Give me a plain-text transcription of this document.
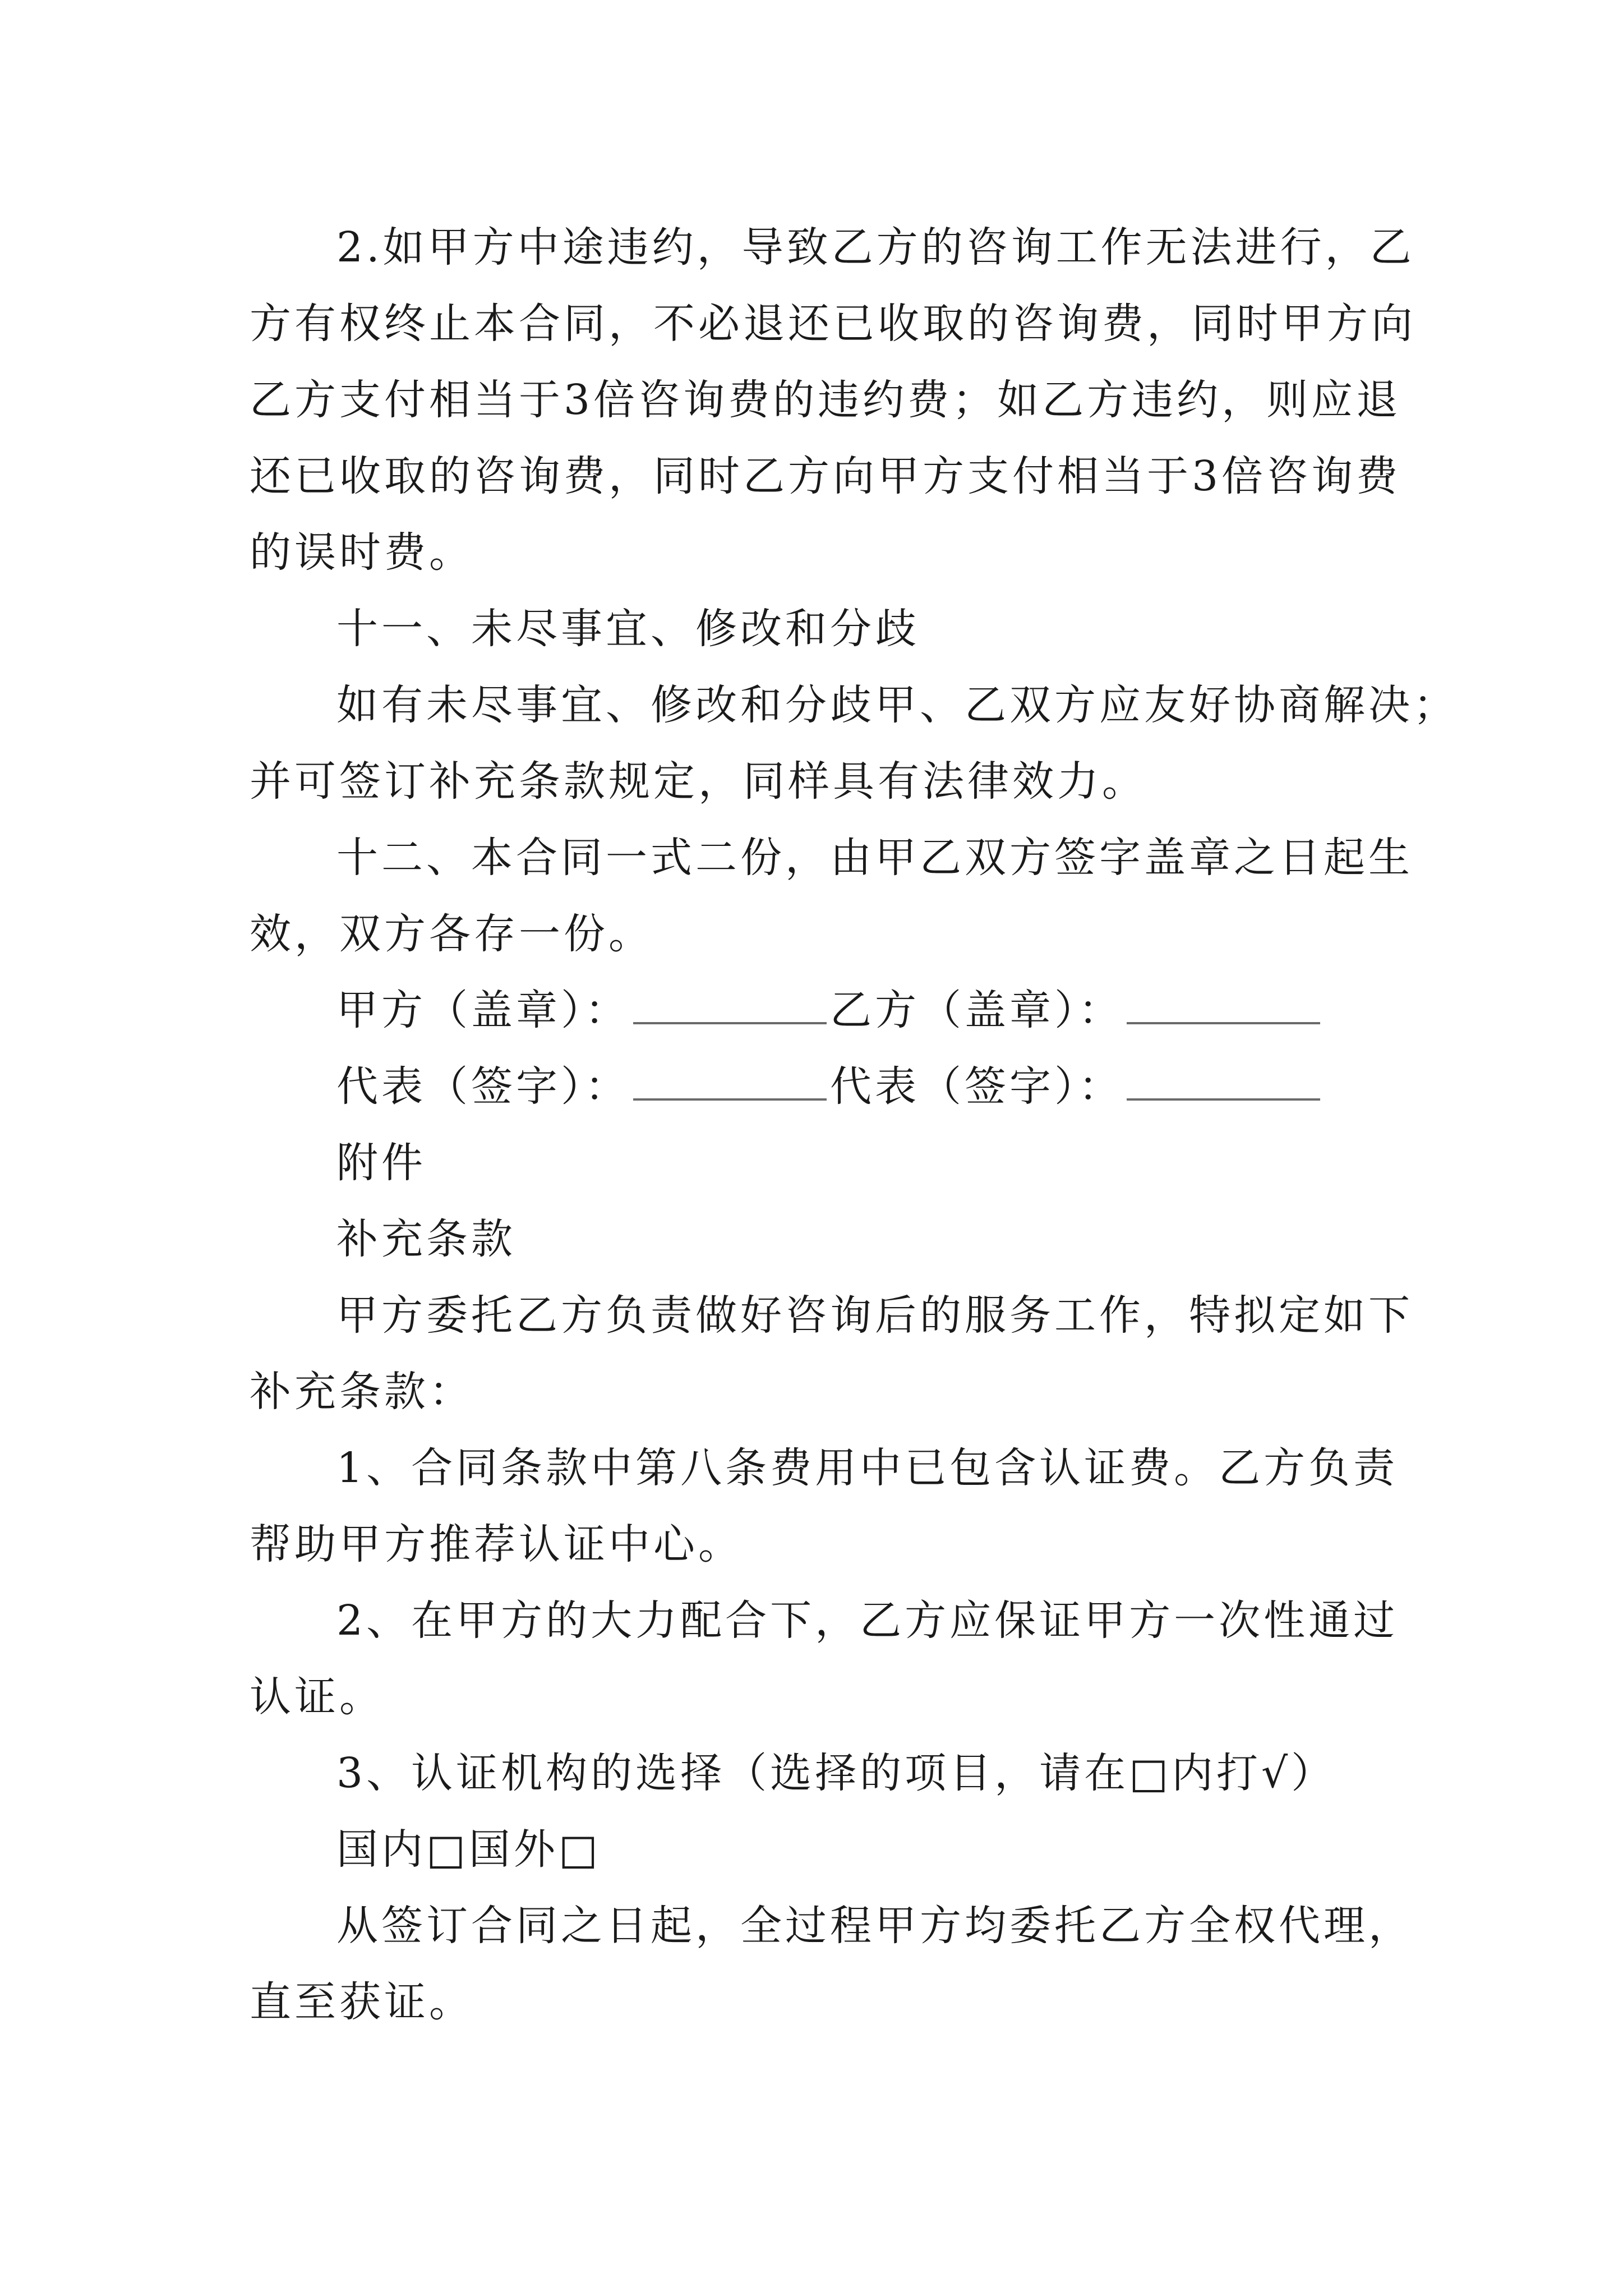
2.如甲方中途违约，导致乙方的咨询工作无法进行，乙
方有权终止本合同，不必退还已收取的咨询费，同时甲方向
乙方支付相当于3倍咨询费的违约费；如乙方违约，则应退
还已收取的咨询费，同时乙方向甲方支付相当于3倍咨询费
的误时费。
十一、未尽事宜、修改和分歧
如有未尽事宜、修改和分歧甲、乙双方应友好协商解决；
并可签订补充条款规定，同样具有法律效力。
十二、本合同一式二份，由甲乙双方签字盖章之日起生
效，双方各存一份。
甲方（盖章）：	乙方（盖章）：
代表（签字）：	代表（签字）：
附件
补充条款
甲方委托乙方负责做好咨询后的服务工作，特拟定如下
补充条款：
1、合同条款中第八条费用中已包含认证费。乙方负责
帮助甲方推荐认证中心。
2、在甲方的大力配合下，乙方应保证甲方一次性通过
认证。
3、认证机构的选择（选择的项目，请在□内打√）
国内□国外□
从签订合同之日起，全过程甲方均委托乙方全权代理，
直至获证。
